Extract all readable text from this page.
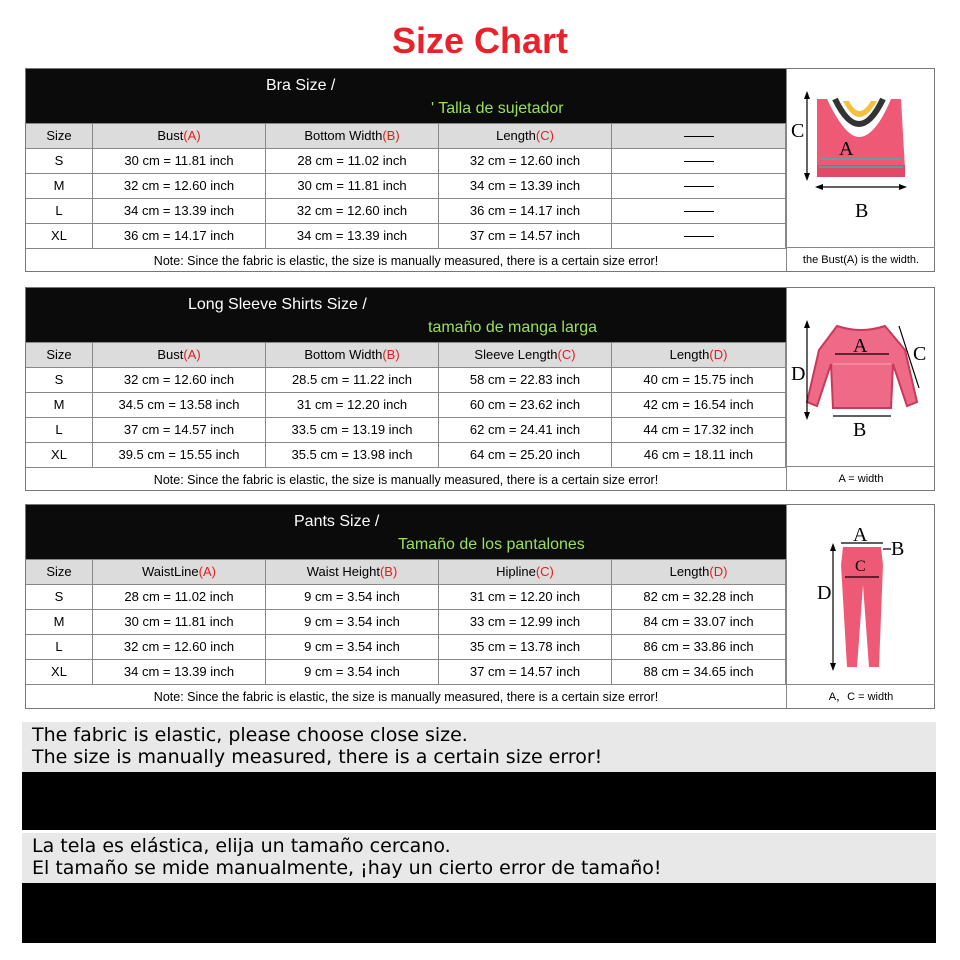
Size Chart
Bra Size /
' Talla de sujetador
Size	Bust(A)	Bottom Width(B)	Length(C)
S	30 cm = 11.81 inch	28 cm = 11.02 inch	32 cm = 12.60 inch
M	32 cm = 12.60 inch	30 cm = 11.81 inch	34 cm = 13.39 inch
L	34 cm = 13.39 inch	32 cm = 12.60 inch	36 cm = 14.17 inch
XL	36 cm = 14.17 inch	34 cm = 13.39 inch	37 cm = 14.57 inch
Note: Since the fabric is elastic, the size is manually measured, there is a certain size error!
C
A
B
the Bust(A) is the width.
Long Sleeve Shirts Size /
tamaño de manga larga
Size	Bust(A)	Bottom Width(B)	Sleeve Length(C)	Length(D)
S	32 cm = 12.60 inch	28.5 cm = 11.22 inch	58 cm = 22.83 inch	40 cm = 15.75 inch
M	34.5 cm = 13.58 inch	31 cm = 12.20 inch	60 cm = 23.62 inch	42 cm = 16.54 inch
L	37 cm = 14.57 inch	33.5 cm = 13.19 inch	62 cm = 24.41 inch	44 cm = 17.32 inch
XL	39.5 cm = 15.55 inch	35.5 cm = 13.98 inch	64 cm = 25.20 inch	46 cm = 18.11 inch
Note: Since the fabric is elastic, the size is manually measured, there is a certain size error!
A
B
C
D
A = width
Pants Size /
Tamaño de los pantalones
Size	WaistLine(A)	Waist Height(B)	Hipline(C)	Length(D)
S	28 cm = 11.02 inch	9 cm = 3.54 inch	31 cm = 12.20 inch	82 cm = 32.28 inch
M	30 cm = 11.81 inch	9 cm = 3.54 inch	33 cm = 12.99 inch	84 cm = 33.07 inch
L	32 cm = 12.60 inch	9 cm = 3.54 inch	35 cm = 13.78 inch	86 cm = 33.86 inch
XL	34 cm = 13.39 inch	9 cm = 3.54 inch	37 cm = 14.57 inch	88 cm = 34.65 inch
Note: Since the fabric is elastic, the size is manually measured, there is a certain size error!
A
B
C
D
A，C = width
The fabric is elastic, please choose close size.
The size is manually measured, there is a certain size error!
La tela es elástica, elija un tamaño cercano.
El tamaño se mide manualmente, ¡hay un cierto error de tamaño!
